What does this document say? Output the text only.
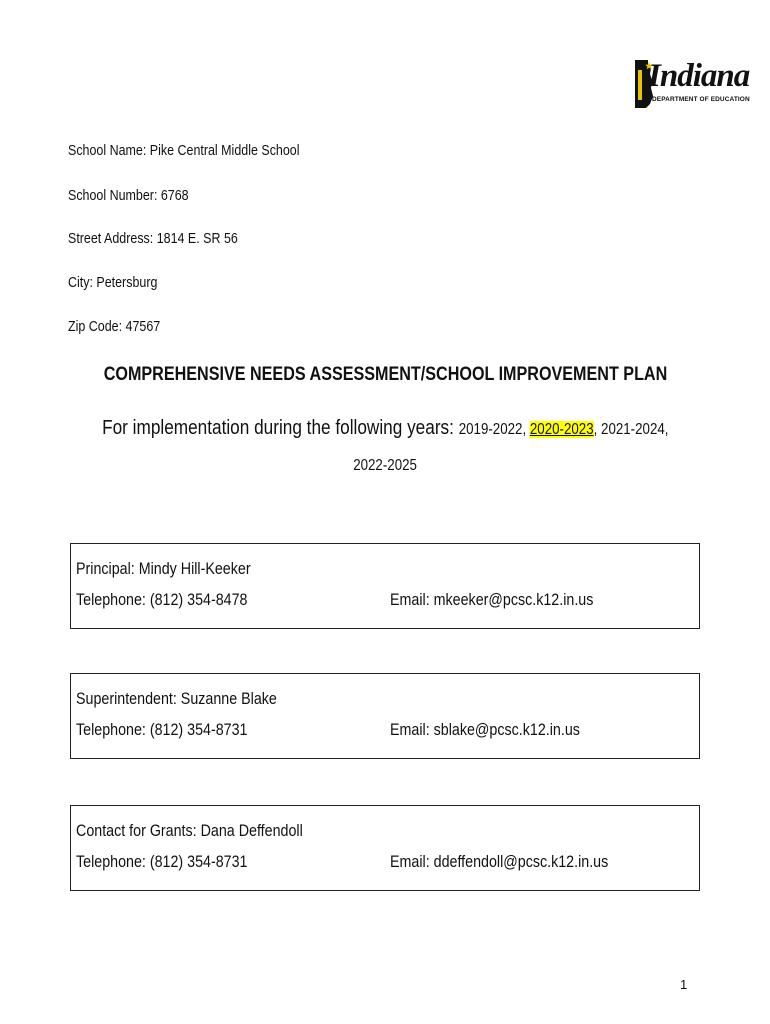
Indiana
DEPARTMENT OF EDUCATION
School Name: Pike Central Middle School
School Number: 6768
Street Address: 1814 E. SR 56
City: Petersburg
Zip Code: 47567
COMPREHENSIVE NEEDS ASSESSMENT/SCHOOL IMPROVEMENT PLAN
For implementation during the following years: 2019-2022, 2020-2023, 2021-2024,
2022-2025
Principal: Mindy Hill-Keeker
Telephone: (812) 354-8478	Email: mkeeker@pcsc.k12.in.us
Superintendent: Suzanne Blake
Telephone: (812) 354-8731	Email: sblake@pcsc.k12.in.us
Contact for Grants: Dana Deffendoll
Telephone: (812) 354-8731	Email: ddeffendoll@pcsc.k12.in.us
1
